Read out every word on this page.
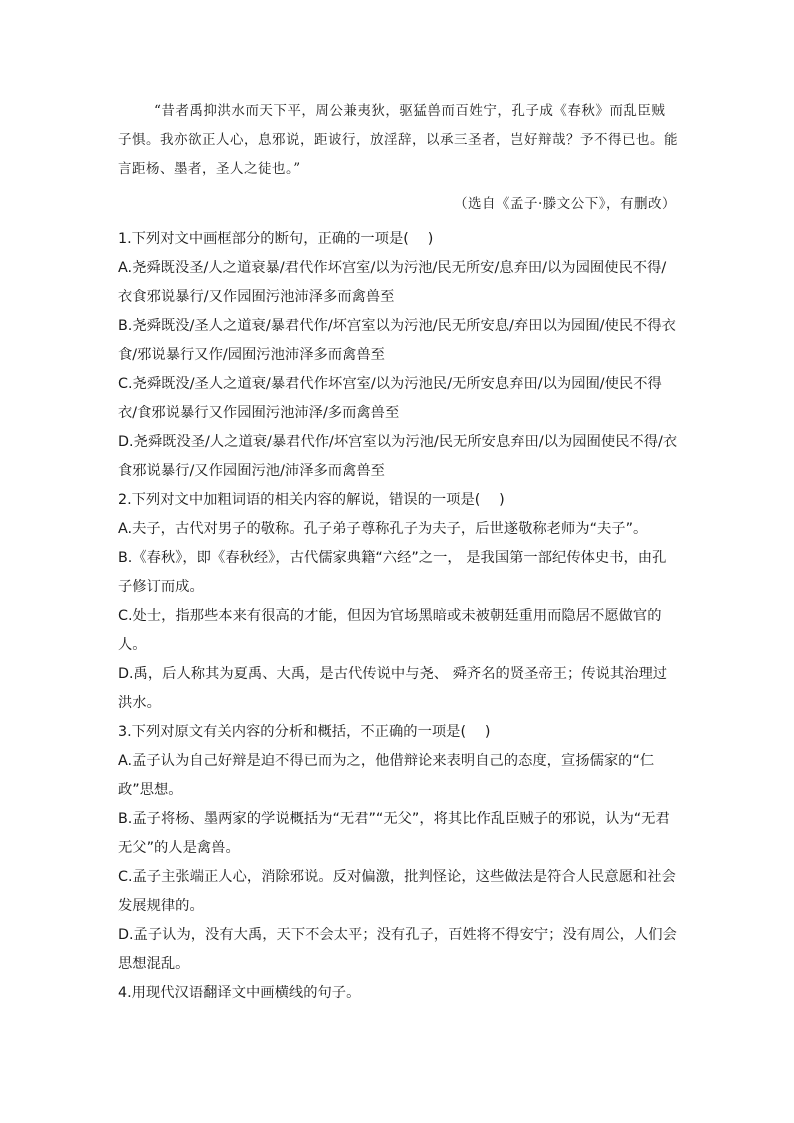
“昔者禹抑洪水而天下平，周公兼夷狄，驱猛兽而百姓宁，孔子成《春秋》而乱臣贼子惧。我亦欲正人心，息邪说，距诐行，放淫辞，以承三圣者，岂好辩哉？予不得已也。能言距杨、墨者，圣人之徒也。”

（选自《孟子·滕文公下》，有删改）

1.下列对文中画框部分的断句，正确的一项是(　 )

A.尧舜既没圣/人之道衰暴/君代作坏宫室/以为污池/民无所安/息弃田/以为园囿使民不得/衣食邪说暴行/又作园囿污池沛泽多而禽兽至

B.尧舜既没/圣人之道衰/暴君代作/坏宫室以为污池/民无所安息/弃田以为园囿/使民不得衣食/邪说暴行又作/园囿污池沛泽多而禽兽至

C.尧舜既没/圣人之道衰/暴君代作坏宫室/以为污池民/无所安息弃田/以为园囿/使民不得衣/食邪说暴行又作园囿污池沛泽/多而禽兽至

D.尧舜既没圣/人之道衰/暴君代作/坏宫室以为污池/民无所安息弃田/以为园囿使民不得/衣食邪说暴行/又作园囿污池/沛泽多而禽兽至

2.下列对文中加粗词语的相关内容的解说，错误的一项是(　 )

A.夫子，古代对男子的敬称。孔子弟子尊称孔子为夫子，后世遂敬称老师为“夫子”。

B.《春秋》，即《春秋经》，古代儒家典籍“六经”之一， 是我国第一部纪传体史书，由孔子修订而成。

C.处士，指那些本来有很高的才能，但因为官场黑暗或未被朝廷重用而隐居不愿做官的人。

D.禹，后人称其为夏禹、大禹，是古代传说中与尧、 舜齐名的贤圣帝王；传说其治理过洪水。

3.下列对原文有关内容的分析和概括，不正确的一项是(　 )

A.孟子认为自己好辩是迫不得已而为之，他借辩论来表明自己的态度，宣扬儒家的“仁政”思想。

B.孟子将杨、墨两家的学说概括为“无君”“无父”，将其比作乱臣贼子的邪说，认为“无君无父”的人是禽兽。

C.孟子主张端正人心，消除邪说。反对偏激，批判怪论，这些做法是符合人民意愿和社会发展规律的。

D.孟子认为，没有大禹，天下不会太平；没有孔子，百姓将不得安宁；没有周公，人们会思想混乱。

4.用现代汉语翻译文中画横线的句子。
